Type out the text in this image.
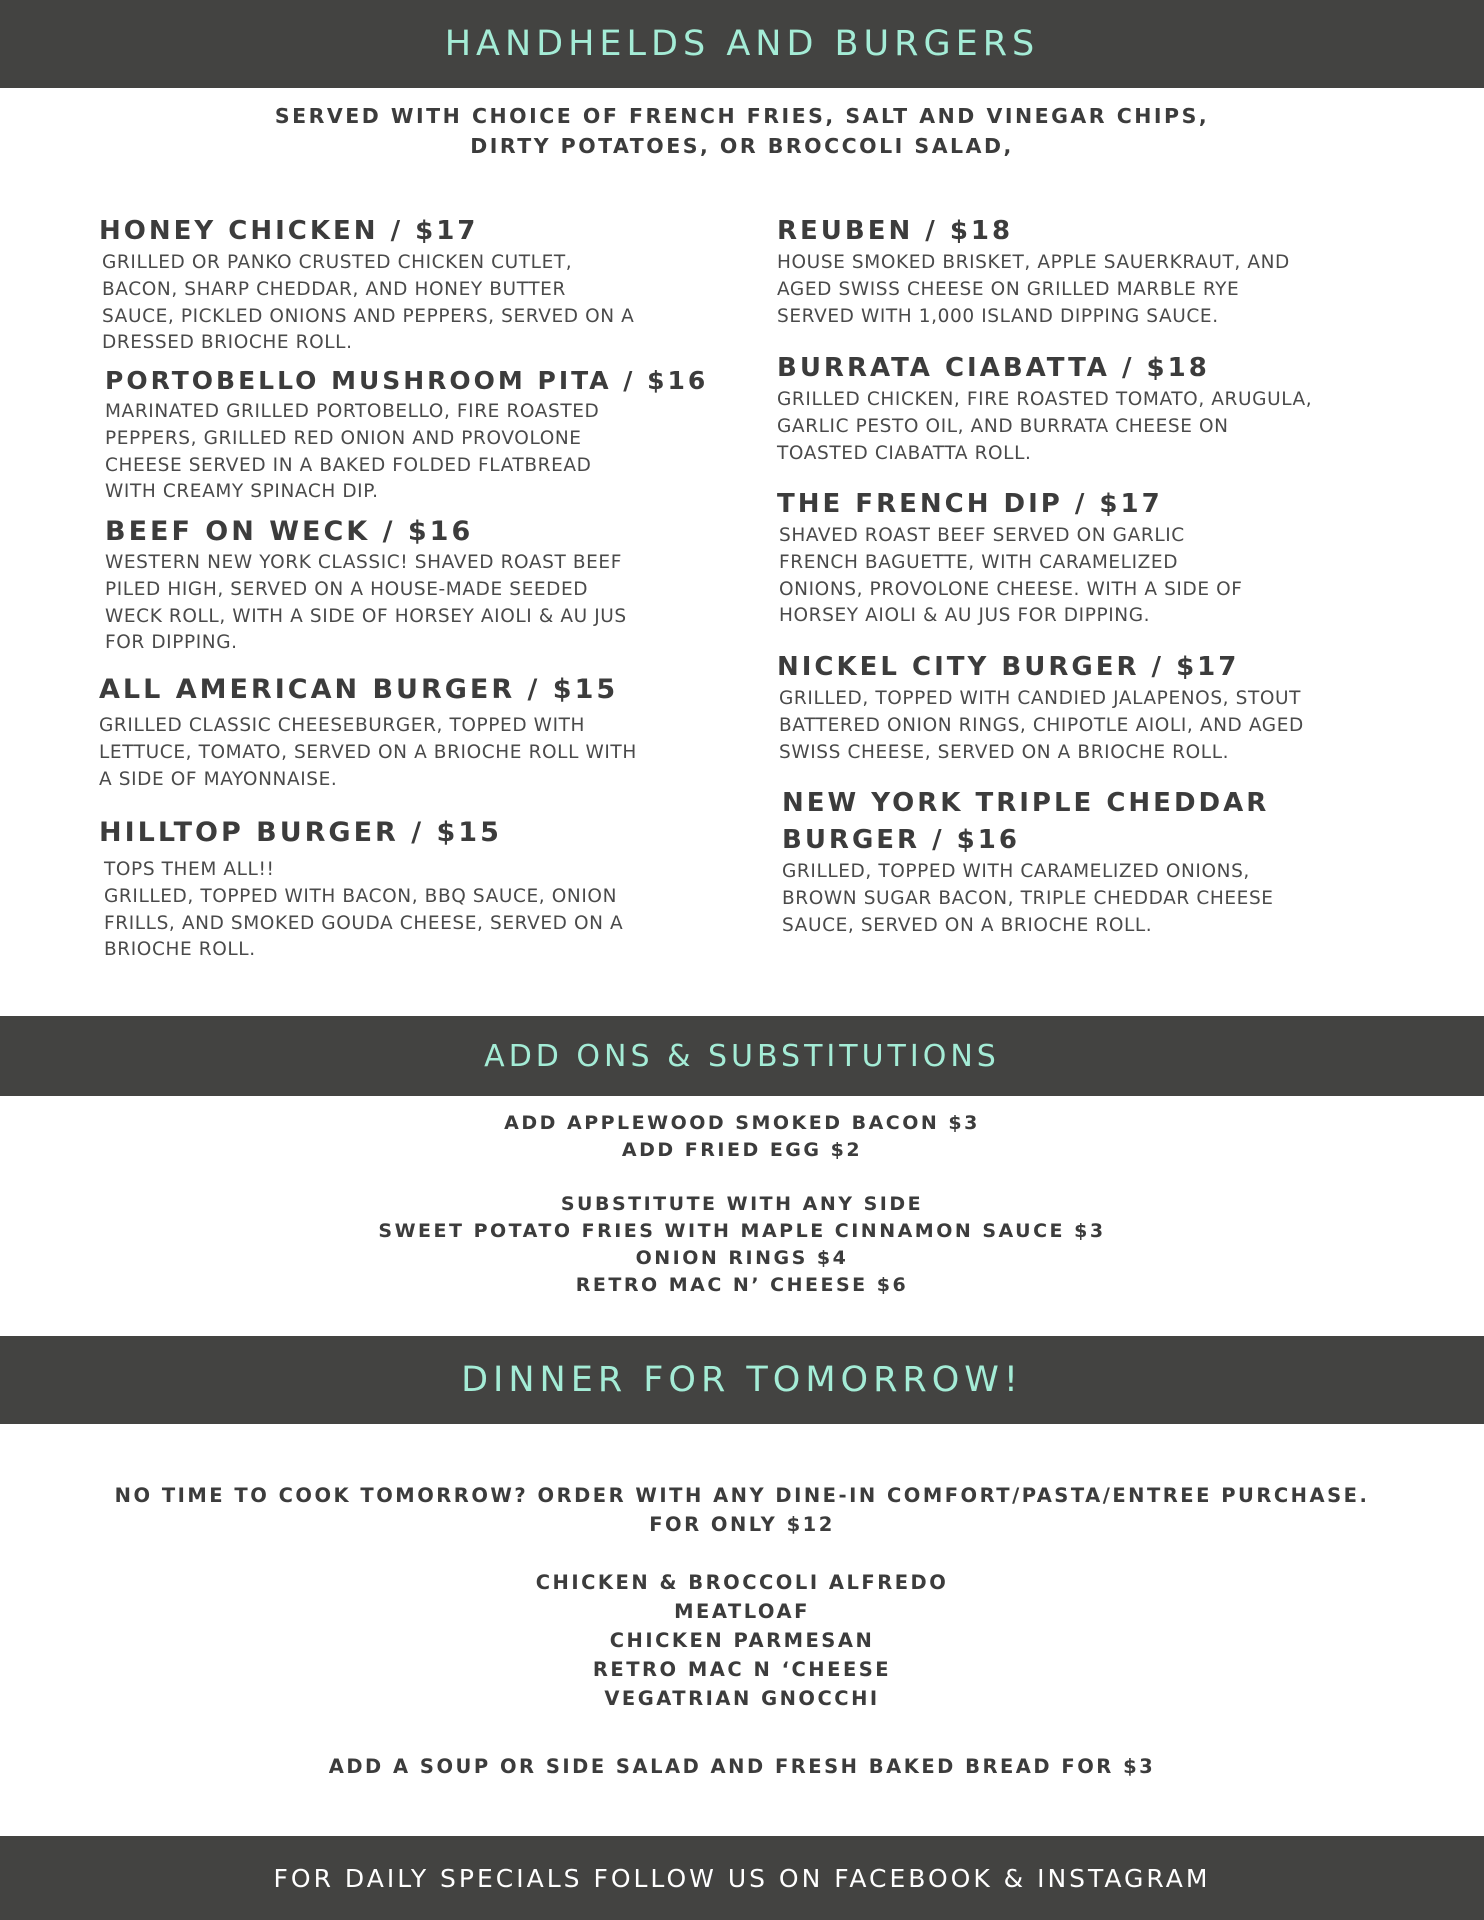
HANDHELDS AND BURGERS
SERVED WITH CHOICE OF FRENCH FRIES, SALT AND VINEGAR CHIPS,
DIRTY POTATOES, OR BROCCOLI SALAD,
HONEY CHICKEN / $17
GRILLED OR PANKO CRUSTED CHICKEN CUTLET,
BACON, SHARP CHEDDAR, AND HONEY BUTTER
SAUCE, PICKLED ONIONS AND PEPPERS, SERVED ON A
DRESSED BRIOCHE ROLL.
PORTOBELLO MUSHROOM PITA / $16
MARINATED GRILLED PORTOBELLO, FIRE ROASTED
PEPPERS, GRILLED RED ONION AND PROVOLONE
CHEESE SERVED IN A BAKED FOLDED FLATBREAD
WITH CREAMY SPINACH DIP.
BEEF ON WECK / $16
WESTERN NEW YORK CLASSIC! SHAVED ROAST BEEF
PILED HIGH, SERVED ON A HOUSE-MADE SEEDED
WECK ROLL, WITH A SIDE OF HORSEY AIOLI & AU JUS
FOR DIPPING.
ALL AMERICAN BURGER / $15
GRILLED CLASSIC CHEESEBURGER, TOPPED WITH
LETTUCE, TOMATO, SERVED ON A BRIOCHE ROLL WITH
A SIDE OF MAYONNAISE.
HILLTOP BURGER / $15
TOPS THEM ALL!!
GRILLED, TOPPED WITH BACON, BBQ SAUCE, ONION
FRILLS, AND SMOKED GOUDA CHEESE, SERVED ON A
BRIOCHE ROLL.
REUBEN / $18
HOUSE SMOKED BRISKET, APPLE SAUERKRAUT, AND
AGED SWISS CHEESE ON GRILLED MARBLE RYE
SERVED WITH 1,000 ISLAND DIPPING SAUCE.
BURRATA CIABATTA / $18
GRILLED CHICKEN, FIRE ROASTED TOMATO, ARUGULA,
GARLIC PESTO OIL, AND BURRATA CHEESE ON
TOASTED CIABATTA ROLL.
THE FRENCH DIP / $17
SHAVED ROAST BEEF SERVED ON GARLIC
FRENCH BAGUETTE, WITH CARAMELIZED
ONIONS, PROVOLONE CHEESE. WITH A SIDE OF
HORSEY AIOLI & AU JUS FOR DIPPING.
NICKEL CITY BURGER / $17
GRILLED, TOPPED WITH CANDIED JALAPENOS, STOUT
BATTERED ONION RINGS, CHIPOTLE AIOLI, AND AGED
SWISS CHEESE, SERVED ON A BRIOCHE ROLL.
NEW YORK TRIPLE CHEDDAR
BURGER / $16
GRILLED, TOPPED WITH CARAMELIZED ONIONS,
BROWN SUGAR BACON, TRIPLE CHEDDAR CHEESE
SAUCE, SERVED ON A BRIOCHE ROLL.
ADD ONS & SUBSTITUTIONS
ADD APPLEWOOD SMOKED BACON $3
ADD FRIED EGG $2
SUBSTITUTE WITH ANY SIDE
SWEET POTATO FRIES WITH MAPLE CINNAMON SAUCE $3
ONION RINGS $4
RETRO MAC N’ CHEESE $6
DINNER FOR TOMORROW!
NO TIME TO COOK TOMORROW? ORDER WITH ANY DINE-IN COMFORT/PASTA/ENTREE PURCHASE.
FOR ONLY $12
CHICKEN & BROCCOLI ALFREDO
MEATLOAF
CHICKEN PARMESAN
RETRO MAC N ‘CHEESE
VEGATRIAN GNOCCHI
ADD A SOUP OR SIDE SALAD AND FRESH BAKED BREAD FOR $3
FOR DAILY SPECIALS FOLLOW US ON FACEBOOK & INSTAGRAM
